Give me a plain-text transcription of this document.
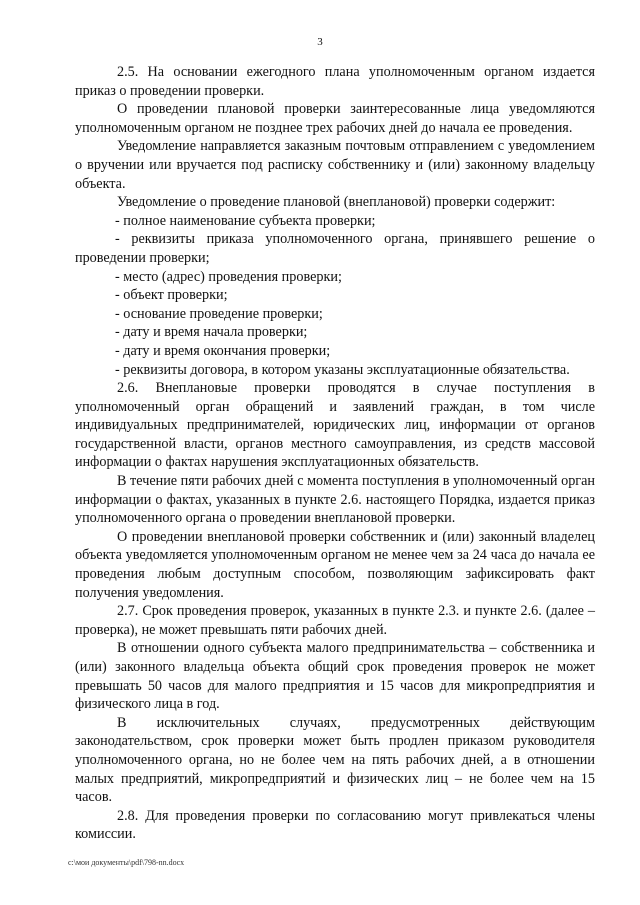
3

2.5. На основании ежегодного плана уполномоченным органом издается приказ о проведении проверки.

О проведении плановой проверки заинтересованные лица уведомляются уполномоченным органом не позднее трех рабочих дней до начала ее проведения.

Уведомление направляется заказным почтовым отправлением с уведомлением о вручении или вручается под расписку собственнику и (или) законному владельцу объекта.

Уведомление о проведение плановой (внеплановой) проверки содержит:

- полное наименование субъекта проверки;

- реквизиты приказа уполномоченного органа, принявшего решение о проведении проверки;

- место (адрес) проведения проверки;

- объект проверки;

- основание проведение проверки;

- дату и время начала проверки;

- дату и время окончания проверки;

- реквизиты договора, в котором указаны эксплуатационные обязательства.

2.6. Внеплановые проверки проводятся в случае поступления в уполномоченный орган обращений и заявлений граждан, в том числе индивидуальных предпринимателей, юридических лиц, информации от органов государственной власти, органов местного самоуправления, из средств массовой информации о фактах нарушения эксплуатационных обязательств.

В течение пяти рабочих дней с момента поступления в уполномоченный орган информации о фактах, указанных в пункте 2.6. настоящего Порядка, издается приказ уполномоченного органа о проведении внеплановой проверки.

О проведении внеплановой проверки собственник и (или) законный владелец объекта уведомляется уполномоченным органом не менее чем за 24 часа до начала ее проведения любым доступным способом, позволяющим зафиксировать факт получения уведомления.

2.7. Срок проведения проверок, указанных в пункте 2.3. и пункте 2.6. (далее – проверка), не может превышать пяти рабочих дней.

В отношении одного субъекта малого предпринимательства – собственника и (или) законного владельца объекта общий срок проведения проверок не может превышать 50 часов для малого предприятия и 15 часов для микропредприятия и физического лица в год.

В исключительных случаях, предусмотренных действующим законодательством, срок проверки может быть продлен приказом руководителя уполномоченного органа, но не более чем на пять рабочих дней, а в отношении малых предприятий, микропредприятий и физических лиц – не более чем на 15 часов.

2.8. Для проведения проверки по согласованию могут привлекаться члены комиссии.

c:\мои документы\pdf\798-nn.docx
